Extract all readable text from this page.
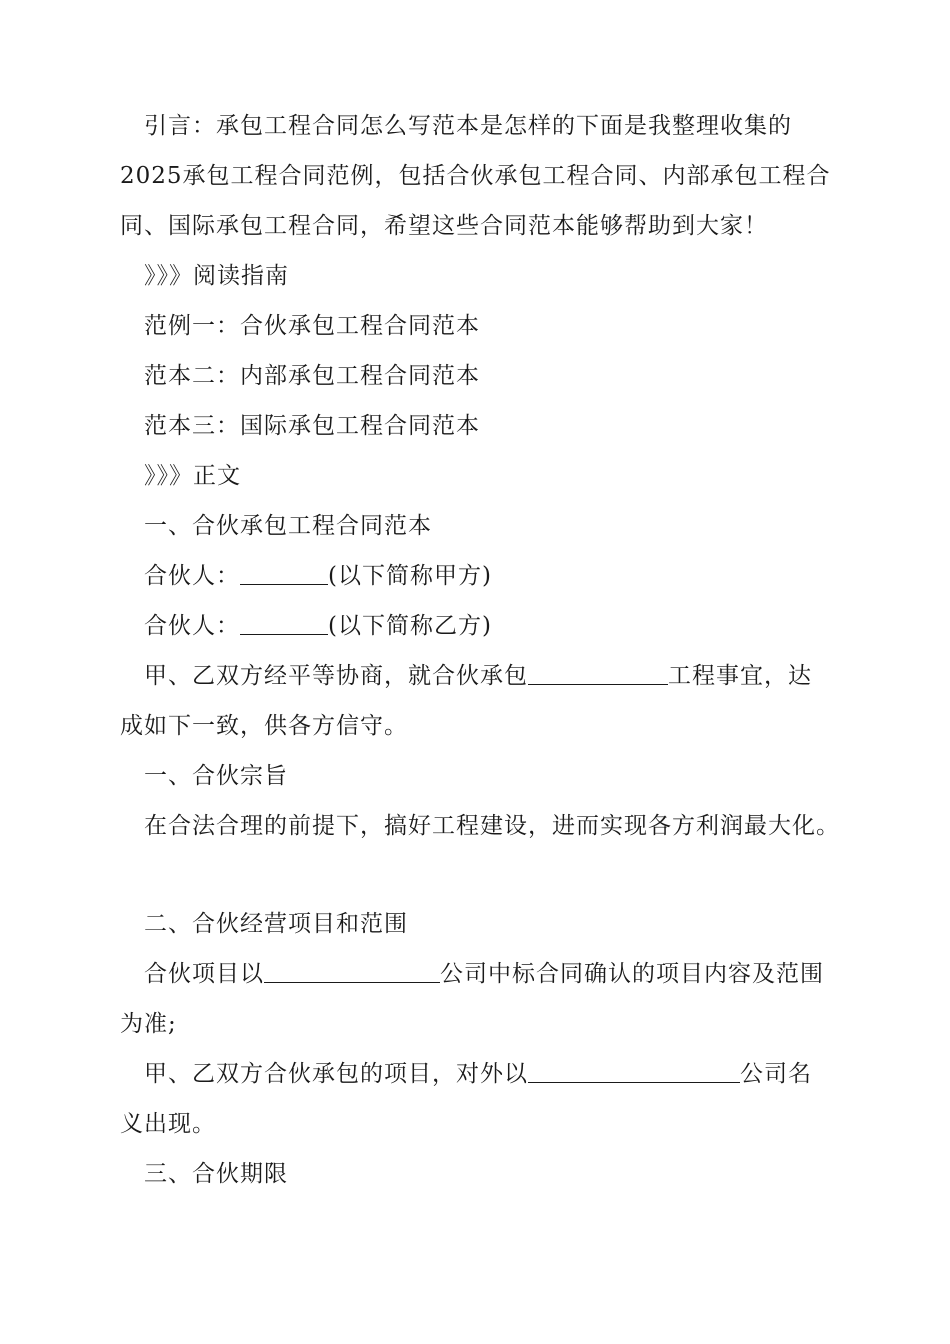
引言：承包工程合同怎么写范本是怎样的下面是我整理收集的
2025承包工程合同范例，包括合伙承包工程合同、内部承包工程合
同、国际承包工程合同，希望这些合同范本能够帮助到大家！
》》》阅读指南
范例一：合伙承包工程合同范本
范本二：内部承包工程合同范本
范本三：国际承包工程合同范本
》》》正文
一、合伙承包工程合同范本
合伙人：	(以下简称甲方)
合伙人：	(以下简称乙方)
甲、乙双方经平等协商，就合伙承包	工程事宜，达
成如下一致，供各方信守。
一、合伙宗旨
在合法合理的前提下，搞好工程建设，进而实现各方利润最大化。
二、合伙经营项目和范围
合伙项目以	公司中标合同确认的项目内容及范围
为准;
甲、乙双方合伙承包的项目，对外以	公司名
义出现。
三、合伙期限
